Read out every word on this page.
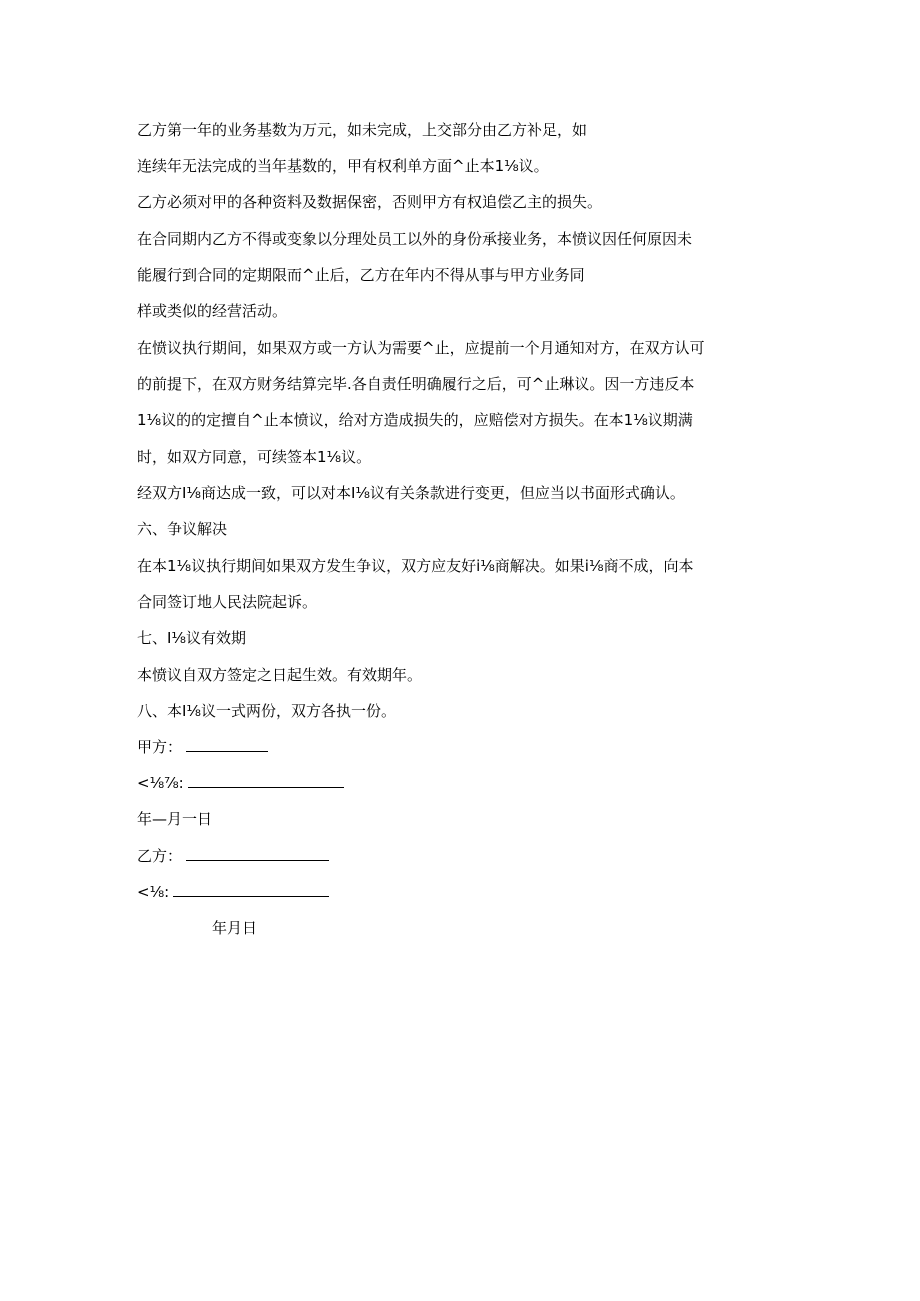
乙方第一年的业务基数为万元，如未完成，上交部分由乙方补足，如
连续年无法完成的当年基数的，甲有权利单方面^止本1⅛议。
乙方必须对甲的各种资料及数据保密，否则甲方有权追偿乙主的损失。
在合同期内乙方不得或变象以分理处员工以外的身份承接业务，本愤议因任何原因未
能履行到合同的定期限而^止后，乙方在年内不得从事与甲方业务同
样或类似的经营活动。
在愤议执行期间，如果双方或一方认为需要^止，应提前一个月通知对方，在双方认可
的前提下，在双方财务结算完毕.各自责任明确履行之后，可^止琳议。因一方违反本
1⅛议的的定擅自^止本愤议，给对方造成损失的，应赔偿对方损失。在本1⅛议期满
时，如双方同意，可续签本1⅛议。
经双方I⅛商达成一致，可以对本I⅛议有关条款进行变更，但应当以书面形式确认。
六、争议解决
在本1⅛议执行期间如果双方发生争议，双方应友好i⅛商解决。如果i⅛商不成，向本
合同签订地人民法院起诉。
七、I⅛议有效期
本愤议自双方签定之日起生效。有效期年。
八、本I⅛议一式两份，双方各执一份。
甲方：
<⅛⅞:
年—月一日
乙方：
<⅛:
年月日
